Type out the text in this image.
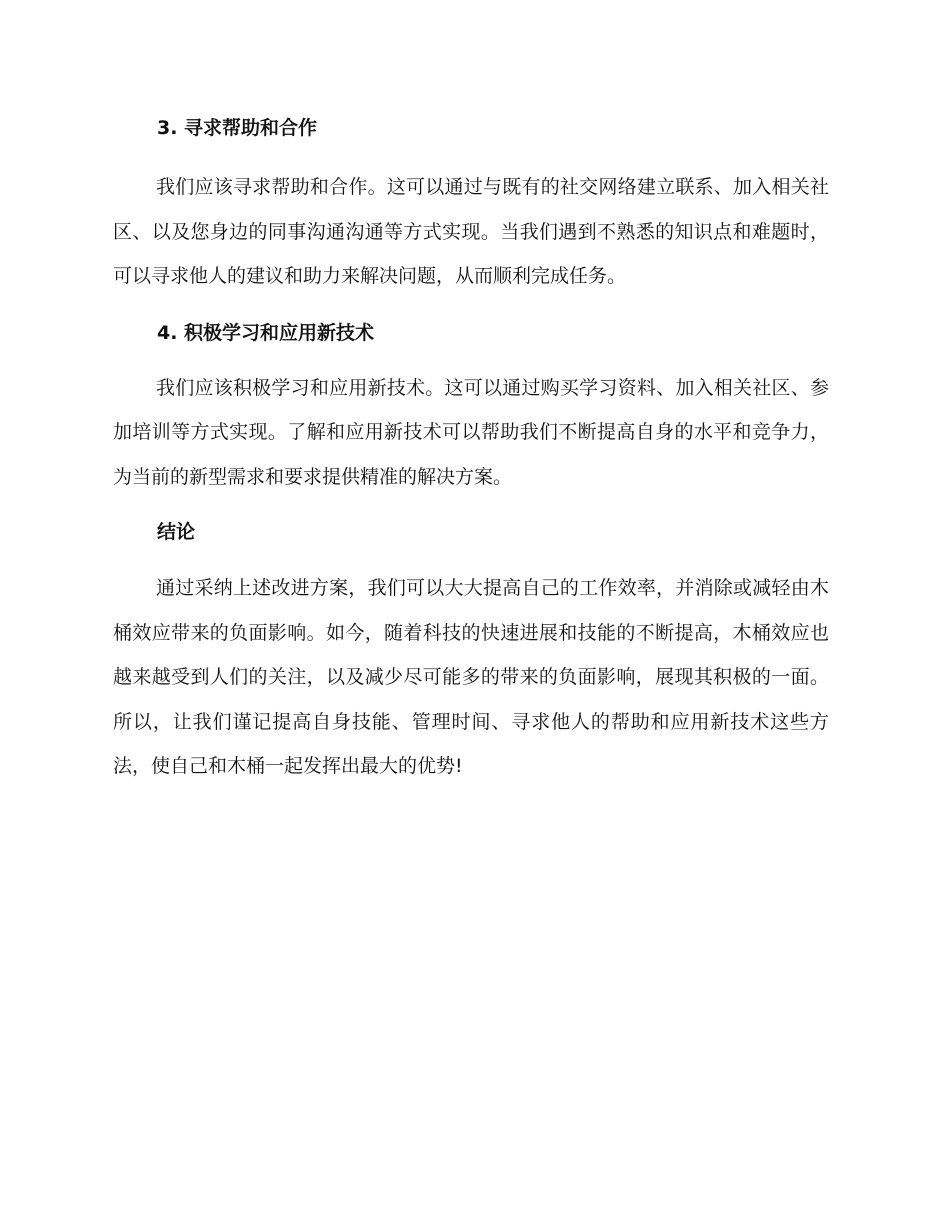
3. 寻求帮助和合作

我们应该寻求帮助和合作。这可以通过与既有的社交网络建立联系、加入相关社区、以及您身边的同事沟通沟通等方式实现。当我们遇到不熟悉的知识点和难题时，可以寻求他人的建议和助力来解决问题，从而顺利完成任务。

4. 积极学习和应用新技术

我们应该积极学习和应用新技术。这可以通过购买学习资料、加入相关社区、参加培训等方式实现。了解和应用新技术可以帮助我们不断提高自身的水平和竞争力，为当前的新型需求和要求提供精准的解决方案。

结论

通过采纳上述改进方案，我们可以大大提高自己的工作效率，并消除或减轻由木桶效应带来的负面影响。如今，随着科技的快速进展和技能的不断提高，木桶效应也越来越受到人们的关注，以及减少尽可能多的带来的负面影响，展现其积极的一面。所以，让我们谨记提高自身技能、管理时间、寻求他人的帮助和应用新技术这些方法，使自己和木桶一起发挥出最大的优势!
